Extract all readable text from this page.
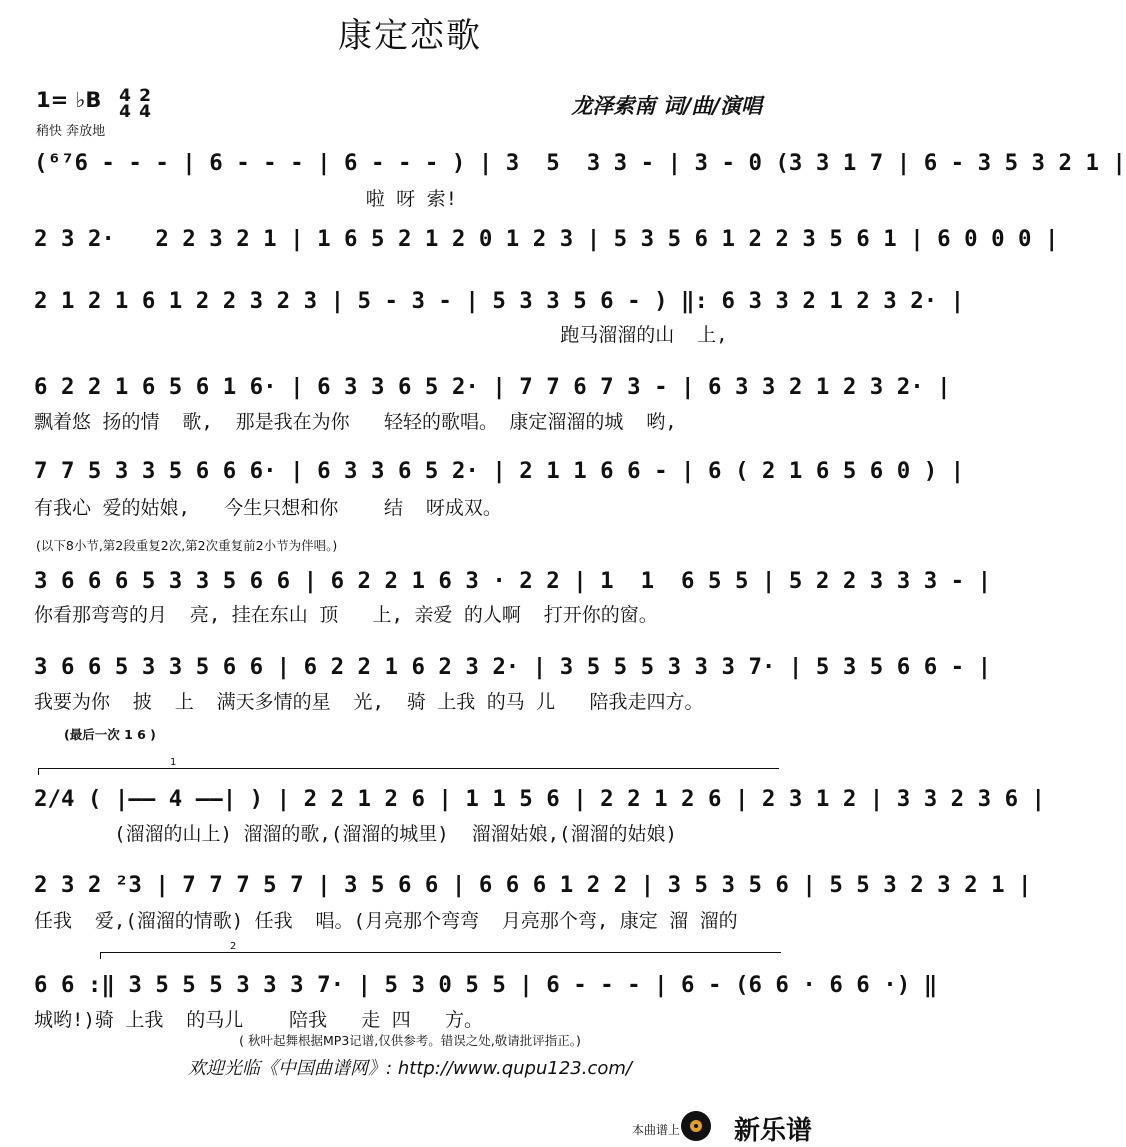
康定恋歌
1= ♭B 4
4
2
4
稍快 奔放地
龙泽索南 词/曲/演唱
(⁶⁷6 - - - | 6 - - - | 6 - - - ) | 3  5  3 3 - | 3 - 0 (3 3 1 7 | 6 - 3 5 3 2 1 |
啦 呀 索!
2 3 2·   2 2 3 2 1 | 1 6 5 2 1 2 0 1 2 3 | 5 3 5 6 1 2 2 3 5 6 1 | 6 0 0 0 |
2 1 2 1 6 1 2 2 3 2 3 | 5 - 3 - | 5 3 3 5 6 - ) ‖: 6 3 3 2 1 2 3 2· |
跑马溜溜的山  上,
6 2 2 1 6 5 6 1 6· | 6 3 3 6 5 2· | 7 7 6 7 3 - | 6 3 3 2 1 2 3 2· |
飘着悠 扬的情  歌,  那是我在为你   轻轻的歌唱。 康定溜溜的城  哟,
7 7 5 3 3 5 6 6 6· | 6 3 3 6 5 2· | 2 1 1 6 6 - | 6 ( 2 1 6 5 6 0 ) |
有我心 爱的姑娘,   今生只想和你    结  呀成双。
(以下8小节,第2段重复2次,第2次重复前2小节为伴唱。)
3 6 6 6 5 3 3 5 6 6 | 6 2 2 1 6 3 · 2 2 | 1  1  6 5 5 | 5 2 2 3 3 3 - |
你看那弯弯的月  亮, 挂在东山 顶   上, 亲爱 的人啊  打开你的窗。
3 6 6 5 3 3 5 6 6 | 6 2 2 1 6 2 3 2· | 3 5 5 5 3 3 3 7· | 5 3 5 6 6 - |
我要为你  披  上  满天多情的星  光,  骑 上我 的马 儿   陪我走四方。
(最后一次 1 6 )
1
2/4 ( |—— 4 ——| ) | 2 2 1 2 6 | 1 1 5 6 | 2 2 1 2 6 | 2 3 1 2 | 3 3 2 3 6 |
(溜溜的山上) 溜溜的歌,(溜溜的城里)  溜溜姑娘,(溜溜的姑娘)
2 3 2 ²3 | 7 7 7 5 7 | 3 5 6 6 | 6 6 6 1 2 2 | 3 5 3 5 6 | 5 5 3 2 3 2 1 |
任我  爱,(溜溜的情歌) 任我  唱。(月亮那个弯弯  月亮那个弯, 康定 溜 溜的
2
6 6 :‖ 3 5 5 5 3 3 3 7· | 5 3 0 5 5 | 6 - - - | 6 - (6 6 · 6 6 ·) ‖
城哟!)骑 上我  的马儿    陪我   走 四   方。
( 秋叶起舞根据MP3记谱,仅供参考。错误之处,敬请批评指正。)
欢迎光临《中国曲谱网》: http://www.qupu123.com/
本曲谱上 新乐谱
